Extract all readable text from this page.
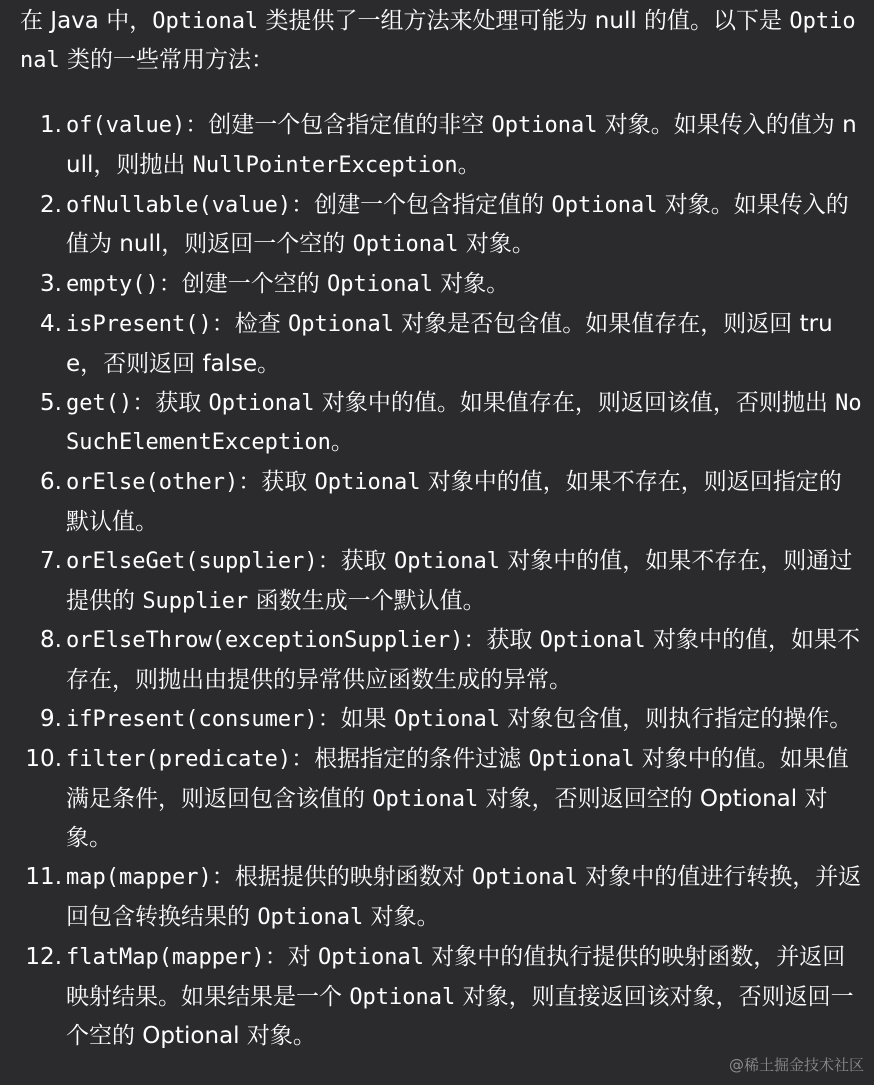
在 Java 中，Optional 类提供了一组方法来处理可能为 null 的值。以下是 Optional 类的一些常用方法：

1. of(value)：创建一个包含指定值的非空 Optional 对象。如果传入的值为 null，则抛出 NullPointerException。
2. ofNullable(value)：创建一个包含指定值的 Optional 对象。如果传入的值为 null，则返回一个空的 Optional 对象。
3. empty()：创建一个空的 Optional 对象。
4. isPresent()：检查 Optional 对象是否包含值。如果值存在，则返回 true，否则返回 false。
5. get()：获取 Optional 对象中的值。如果值存在，则返回该值，否则抛出 NoSuchElementException。
6. orElse(other)：获取 Optional 对象中的值，如果不存在，则返回指定的默认值。
7. orElseGet(supplier)：获取 Optional 对象中的值，如果不存在，则通过提供的 Supplier 函数生成一个默认值。
8. orElseThrow(exceptionSupplier)：获取 Optional 对象中的值，如果不存在，则抛出由提供的异常供应函数生成的异常。
9. ifPresent(consumer)：如果 Optional 对象包含值，则执行指定的操作。
10. filter(predicate)：根据指定的条件过滤 Optional 对象中的值。如果值满足条件，则返回包含该值的 Optional 对象，否则返回空的 Optional 对象。
11. map(mapper)：根据提供的映射函数对 Optional 对象中的值进行转换，并返回包含转换结果的 Optional 对象。
12. flatMap(mapper)：对 Optional 对象中的值执行提供的映射函数，并返回映射结果。如果结果是一个 Optional 对象，则直接返回该对象，否则返回一个空的 Optional 对象。
@稀土掘金技术社区
